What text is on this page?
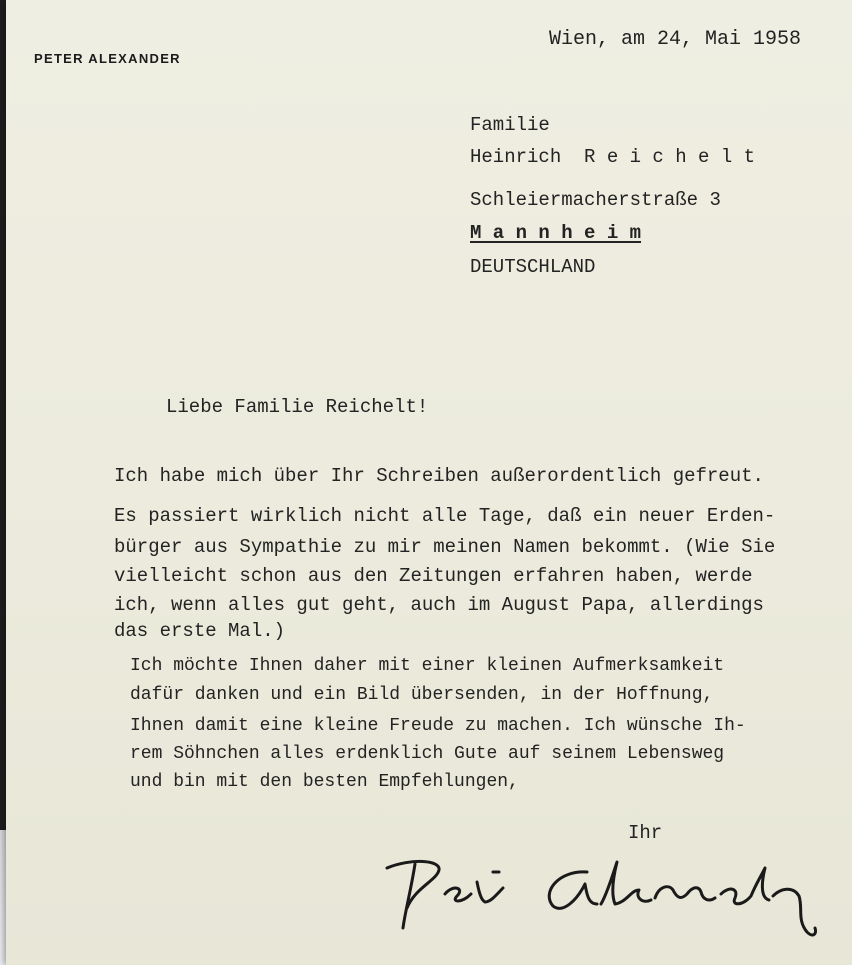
PETER ALEXANDER
Wien, am 24, Mai 1958
Familie
Heinrich  R e i c h e l t
Schleiermacherstraße 3
M a n n h e i m
DEUTSCHLAND
Liebe Familie Reichelt!
Ich habe mich über Ihr Schreiben außerordentlich gefreut.
Es passiert wirklich nicht alle Tage, daß ein neuer Erden-
bürger aus Sympathie zu mir meinen Namen bekommt. (Wie Sie
vielleicht schon aus den Zeitungen erfahren haben, werde
ich, wenn alles gut geht, auch im August Papa, allerdings
das erste Mal.)
Ich möchte Ihnen daher mit einer kleinen Aufmerksamkeit
dafür danken und ein Bild übersenden, in der Hoffnung,
Ihnen damit eine kleine Freude zu machen. Ich wünsche Ih-
rem Söhnchen alles erdenklich Gute auf seinem Lebensweg
und bin mit den besten Empfehlungen,
Ihr
